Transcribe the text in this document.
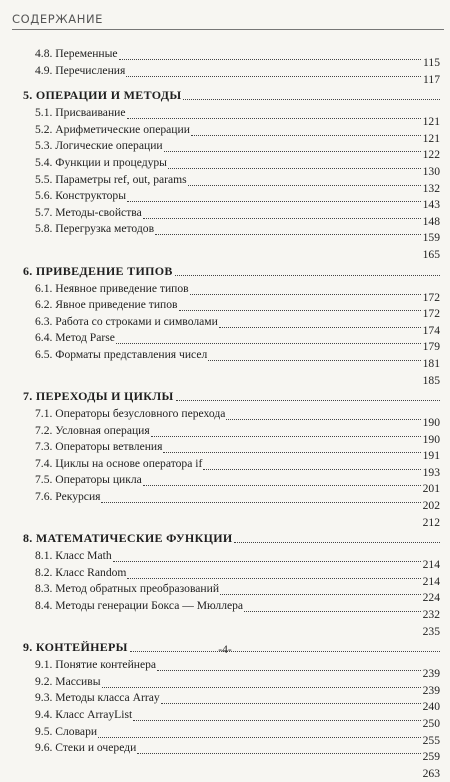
СОДЕРЖАНИЕ
4.8. Переменные
115
4.9. Перечисления
117
5. ОПЕРАЦИИ И МЕТОДЫ
5.1. Присваивание
121
5.2. Арифметические операции
121
5.3. Логические операции
122
5.4. Функции и процедуры
130
5.5. Параметры ref, out, params
132
5.6. Конструкторы
143
5.7. Методы-свойства
148
5.8. Перегрузка методов
159
165
6. ПРИВЕДЕНИЕ ТИПОВ
6.1. Неявное приведение типов
172
6.2. Явное приведение типов
172
6.3. Работа со строками и символами
174
6.4. Метод Parse
179
6.5. Форматы представления чисел
181
185
7. ПЕРЕХОДЫ И ЦИКЛЫ
7.1. Операторы безусловного перехода
190
7.2. Условная операция
190
7.3. Операторы ветвления
191
7.4. Циклы на основе оператора if
193
7.5. Операторы цикла
201
7.6. Рекурсия
202
212
8. МАТЕМАТИЧЕСКИЕ ФУНКЦИИ
8.1. Класс Math
214
8.2. Класс Random
214
8.3. Метод обратных преобразований
224
8.4. Методы генерации Бокса — Мюллера
232
235
9. КОНТЕЙНЕРЫ
9.1. Понятие контейнера
239
9.2. Массивы
239
9.3. Методы класса Array
240
9.4. Класс ArrayList
250
9.5. Словари
255
9.6. Стеки и очереди
259
263
-4-
